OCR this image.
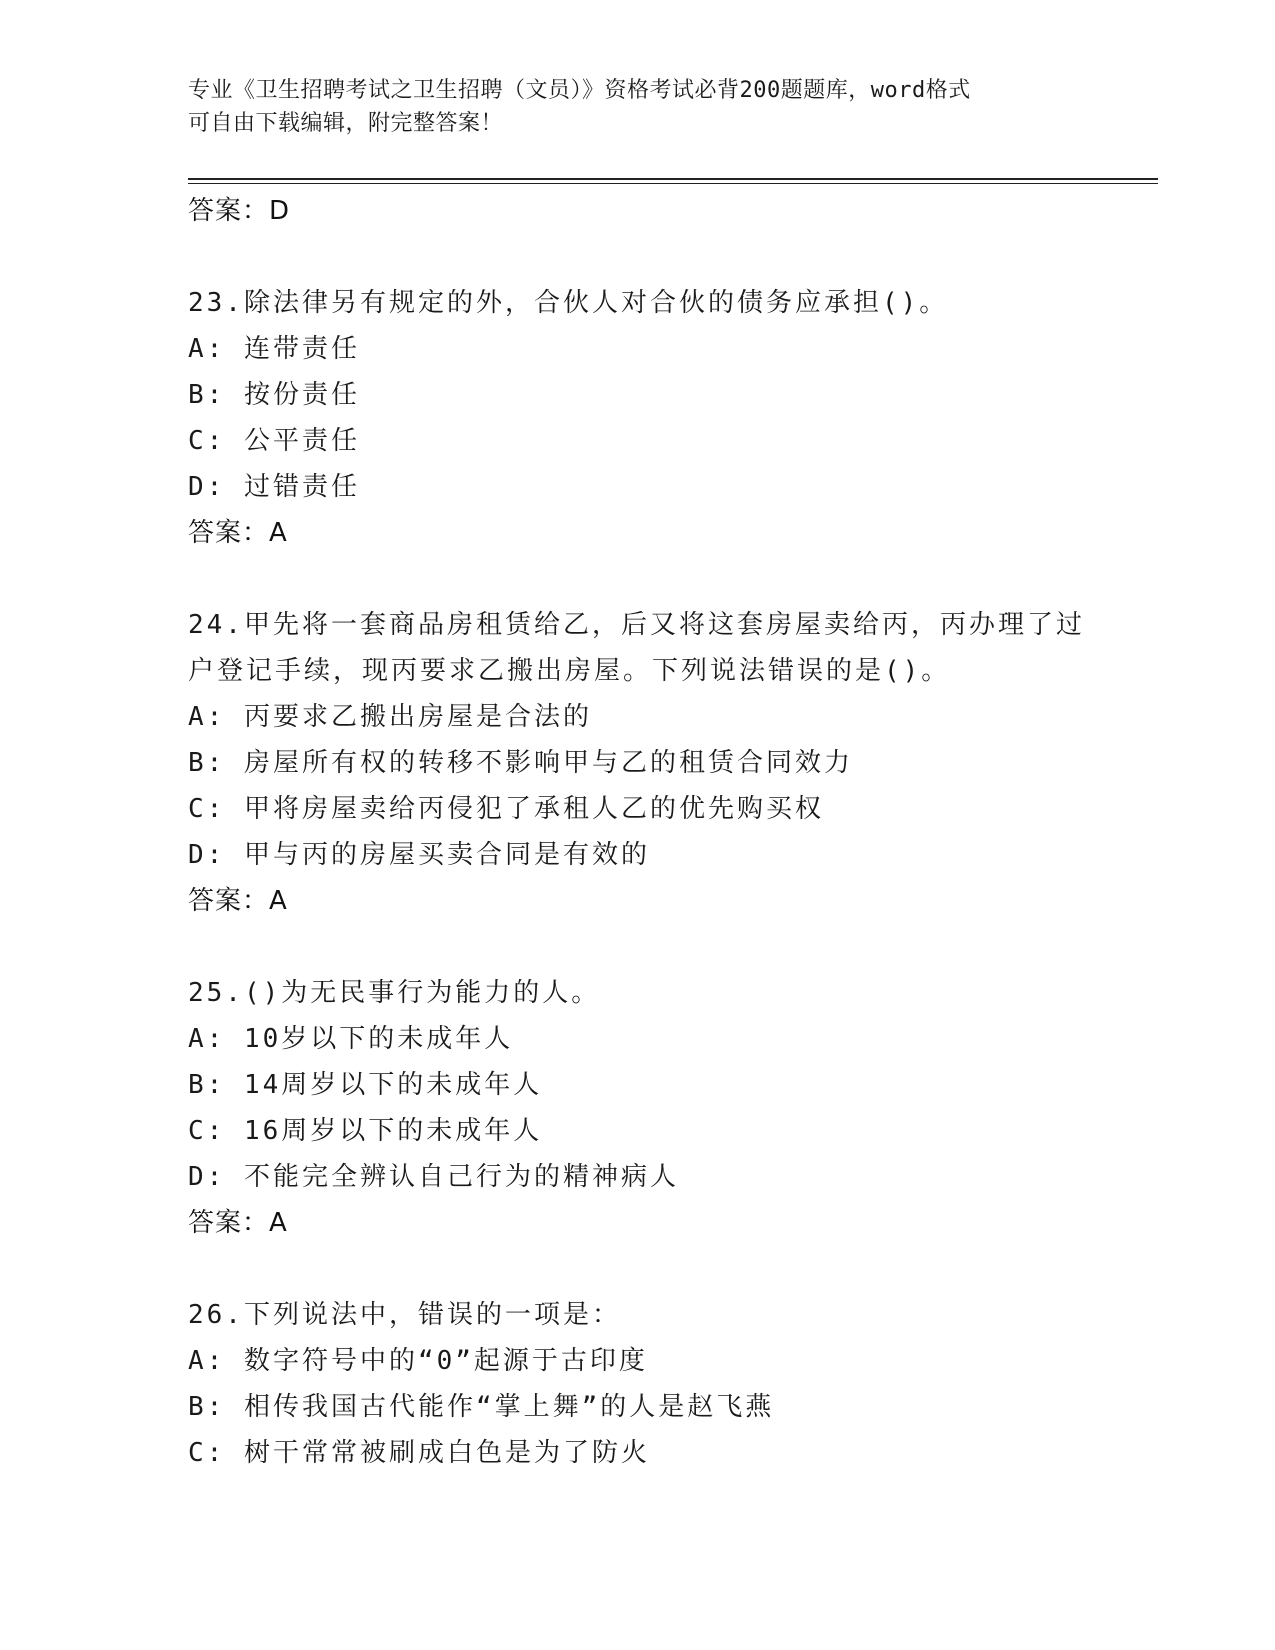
专业《卫生招聘考试之卫生招聘（文员）》资格考试必背200题题库，word格式
可自由下载编辑，附完整答案！
答案：D
23.除法律另有规定的外，合伙人对合伙的债务应承担()。
A: 连带责任
B: 按份责任
C: 公平责任
D: 过错责任
答案：A
24.甲先将一套商品房租赁给乙，后又将这套房屋卖给丙，丙办理了过
户登记手续，现丙要求乙搬出房屋。下列说法错误的是()。
A: 丙要求乙搬出房屋是合法的
B: 房屋所有权的转移不影响甲与乙的租赁合同效力
C: 甲将房屋卖给丙侵犯了承租人乙的优先购买权
D: 甲与丙的房屋买卖合同是有效的
答案：A
25.()为无民事行为能力的人。
A: 10岁以下的未成年人
B: 14周岁以下的未成年人
C: 16周岁以下的未成年人
D: 不能完全辨认自己行为的精神病人
答案：A
26.下列说法中，错误的一项是：
A: 数字符号中的“0”起源于古印度
B: 相传我国古代能作“掌上舞”的人是赵飞燕
C: 树干常常被刷成白色是为了防火
